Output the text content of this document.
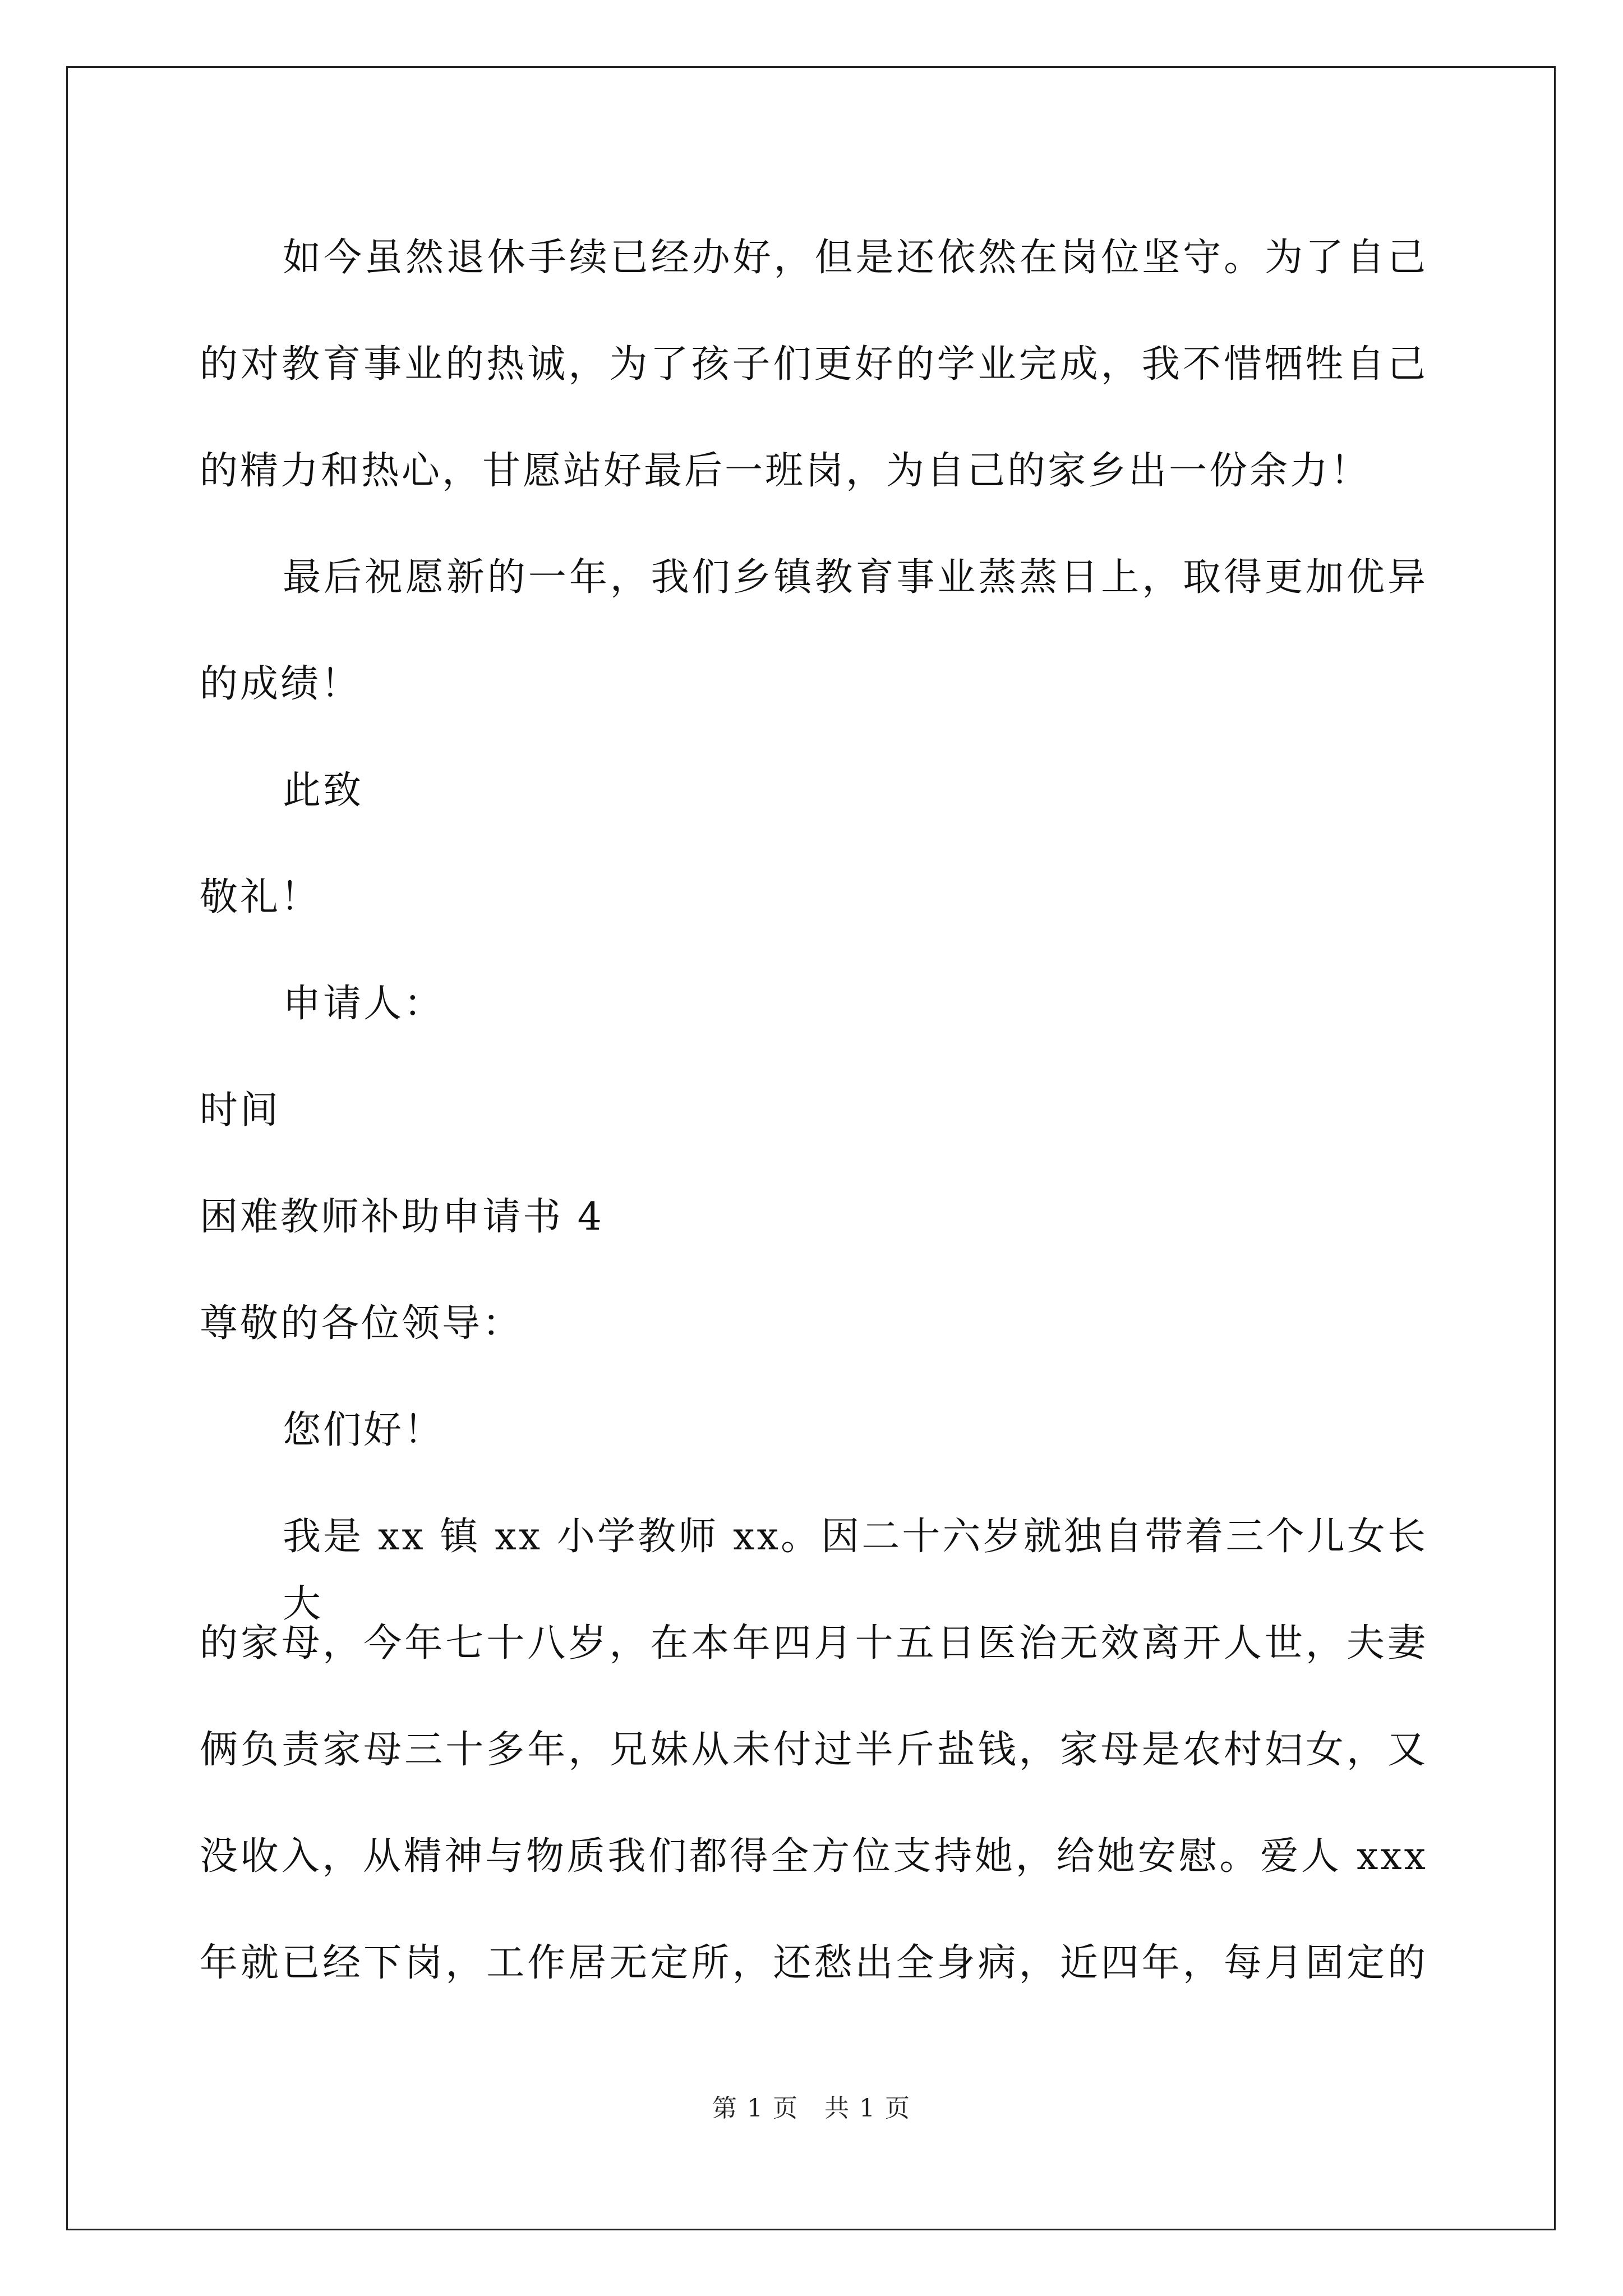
如今虽然退休手续已经办好，但是还依然在岗位坚守。为了自己
的对教育事业的热诚，为了孩子们更好的学业完成，我不惜牺牲自己
的精力和热心，甘愿站好最后一班岗，为自己的家乡出一份余力！
最后祝愿新的一年，我们乡镇教育事业蒸蒸日上，取得更加优异
的成绩！
此致
敬礼！
申请人：
时间
困难教师补助申请书 4
尊敬的各位领导：
您们好！
我是 xx 镇 xx 小学教师 xx。因二十六岁就独自带着三个儿女长大
的家母，今年七十八岁，在本年四月十五日医治无效离开人世，夫妻
俩负责家母三十多年，兄妹从未付过半斤盐钱，家母是农村妇女，又
没收入，从精神与物质我们都得全方位支持她，给她安慰。爱人 xxx
年就已经下岗，工作居无定所，还愁出全身病，近四年，每月固定的
第 1 页　共 1 页
